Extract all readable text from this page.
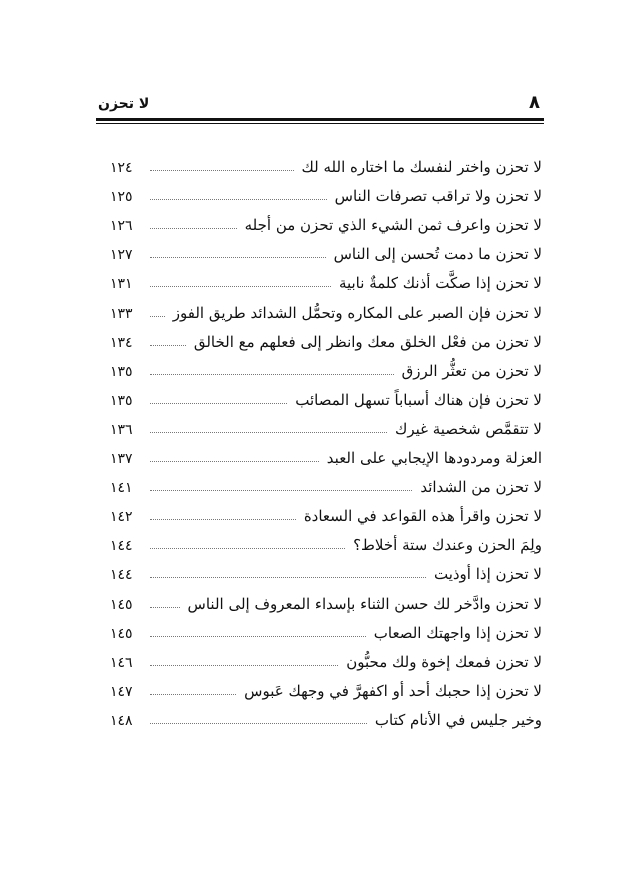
٨
لا تحزن
لا تحزن واختر لنفسك ما اختاره الله لك
١٢٤
لا تحزن ولا تراقب تصرفات الناس
١٢٥
لا تحزن واعرف ثمن الشيء الذي تحزن من أجله
١٢٦
لا تحزن ما دمت تُحسن إلى الناس
١٢٧
لا تحزن إذا صكَّت أذنك كلمةٌ نابية
١٣١
لا تحزن فإن الصبر على المكاره وتحمُّل الشدائد طريق الفوز
١٣٣
لا تحزن من فعْل الخلق معك وانظر إلى فعلهم مع الخالق
١٣٤
لا تحزن من تعثُّر الرزق
١٣٥
لا تحزن فإن هناك أسباباً تسهل المصائب
١٣٥
لا تتقمَّص شخصية غيرك
١٣٦
العزلة ومردودها الإيجابي على العبد
١٣٧
لا تحزن من الشدائد
١٤١
لا تحزن واقرأ هذه القواعد في السعادة
١٤٢
ولِمَ الحزن وعندك ستة أخلاط؟
١٤٤
لا تحزن إذا أوذيت
١٤٤
لا تحزن وادَّخر لك حسن الثناء بإسداء المعروف إلى الناس
١٤٥
لا تحزن إذا واجهتك الصعاب
١٤٥
لا تحزن فمعك إخوة ولك محبُّون
١٤٦
لا تحزن إذا حجبك أحد أو اكفهرَّ في وجهك عَبوس
١٤٧
وخير جليس في الأنام كتاب
١٤٨
